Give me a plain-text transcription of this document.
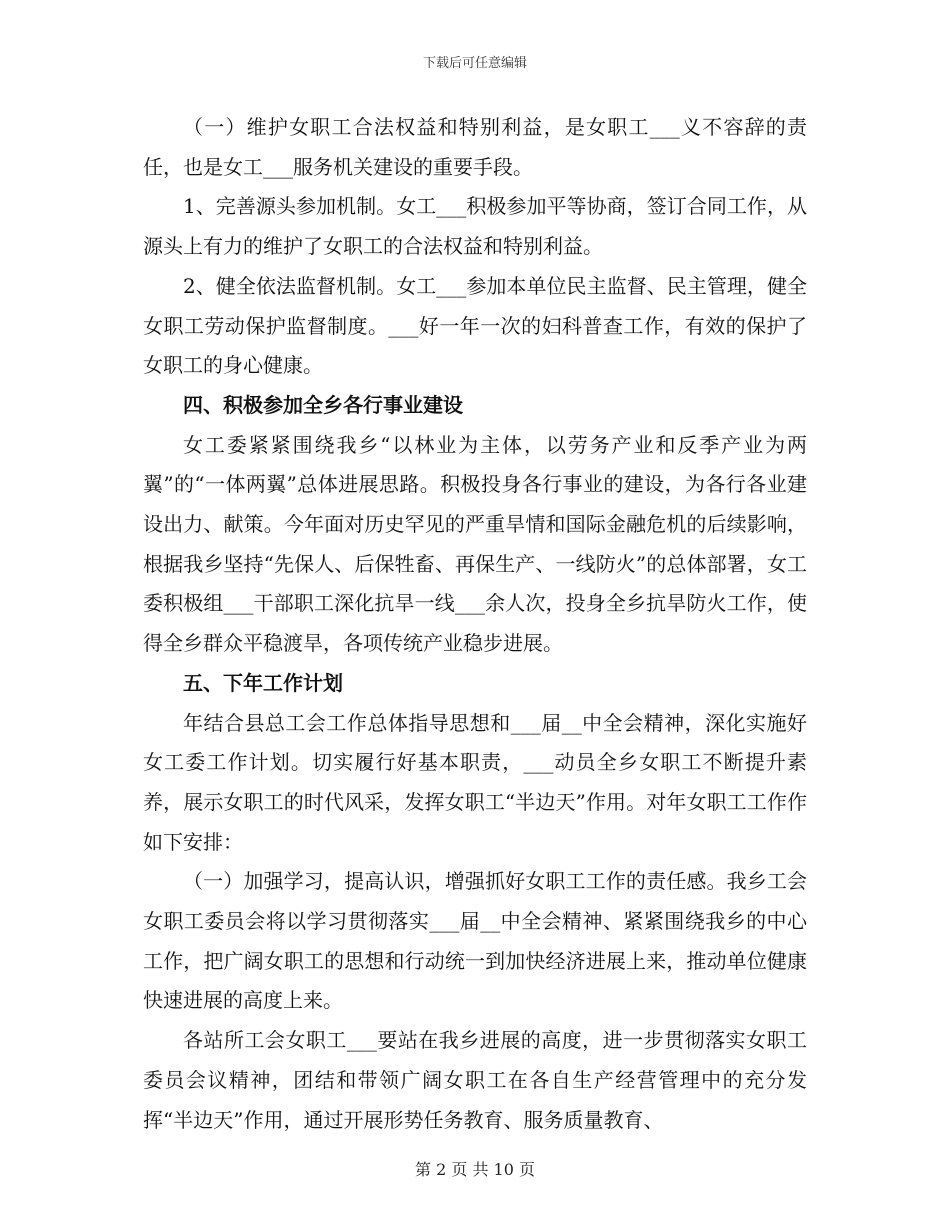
下载后可任意编辑

（一）维护女职工合法权益和特别利益，是女职工___义不容辞的责任，也是女工___服务机关建设的重要手段。

1、完善源头参加机制。女工___积极参加平等协商，签订合同工作，从源头上有力的维护了女职工的合法权益和特别利益。

2、健全依法监督机制。女工___参加本单位民主监督、民主管理，健全女职工劳动保护监督制度。___好一年一次的妇科普查工作，有效的保护了女职工的身心健康。

四、积极参加全乡各行事业建设

女工委紧紧围绕我乡“以林业为主体，以劳务产业和反季产业为两翼”的“一体两翼”总体进展思路。积极投身各行事业的建设，为各行各业建设出力、献策。今年面对历史罕见的严重旱情和国际金融危机的后续影响，根据我乡坚持“先保人、后保牲畜、再保生产、一线防火”的总体部署，女工委积极组___干部职工深化抗旱一线___余人次，投身全乡抗旱防火工作，使得全乡群众平稳渡旱，各项传统产业稳步进展。

五、下年工作计划

年结合县总工会工作总体指导思想和___届__中全会精神，深化实施好女工委工作计划。切实履行好基本职责，___动员全乡女职工不断提升素养，展示女职工的时代风采，发挥女职工“半边天”作用。对年女职工工作作如下安排：

（一）加强学习，提高认识，增强抓好女职工工作的责任感。我乡工会女职工委员会将以学习贯彻落实___届__中全会精神、紧紧围绕我乡的中心工作，把广阔女职工的思想和行动统一到加快经济进展上来，推动单位健康快速进展的高度上来。

各站所工会女职工___要站在我乡进展的高度，进一步贯彻落实女职工委员会议精神，团结和带领广阔女职工在各自生产经营管理中的充分发挥“半边天”作用，通过开展形势任务教育、服务质量教育、

第 2 页 共 10 页
